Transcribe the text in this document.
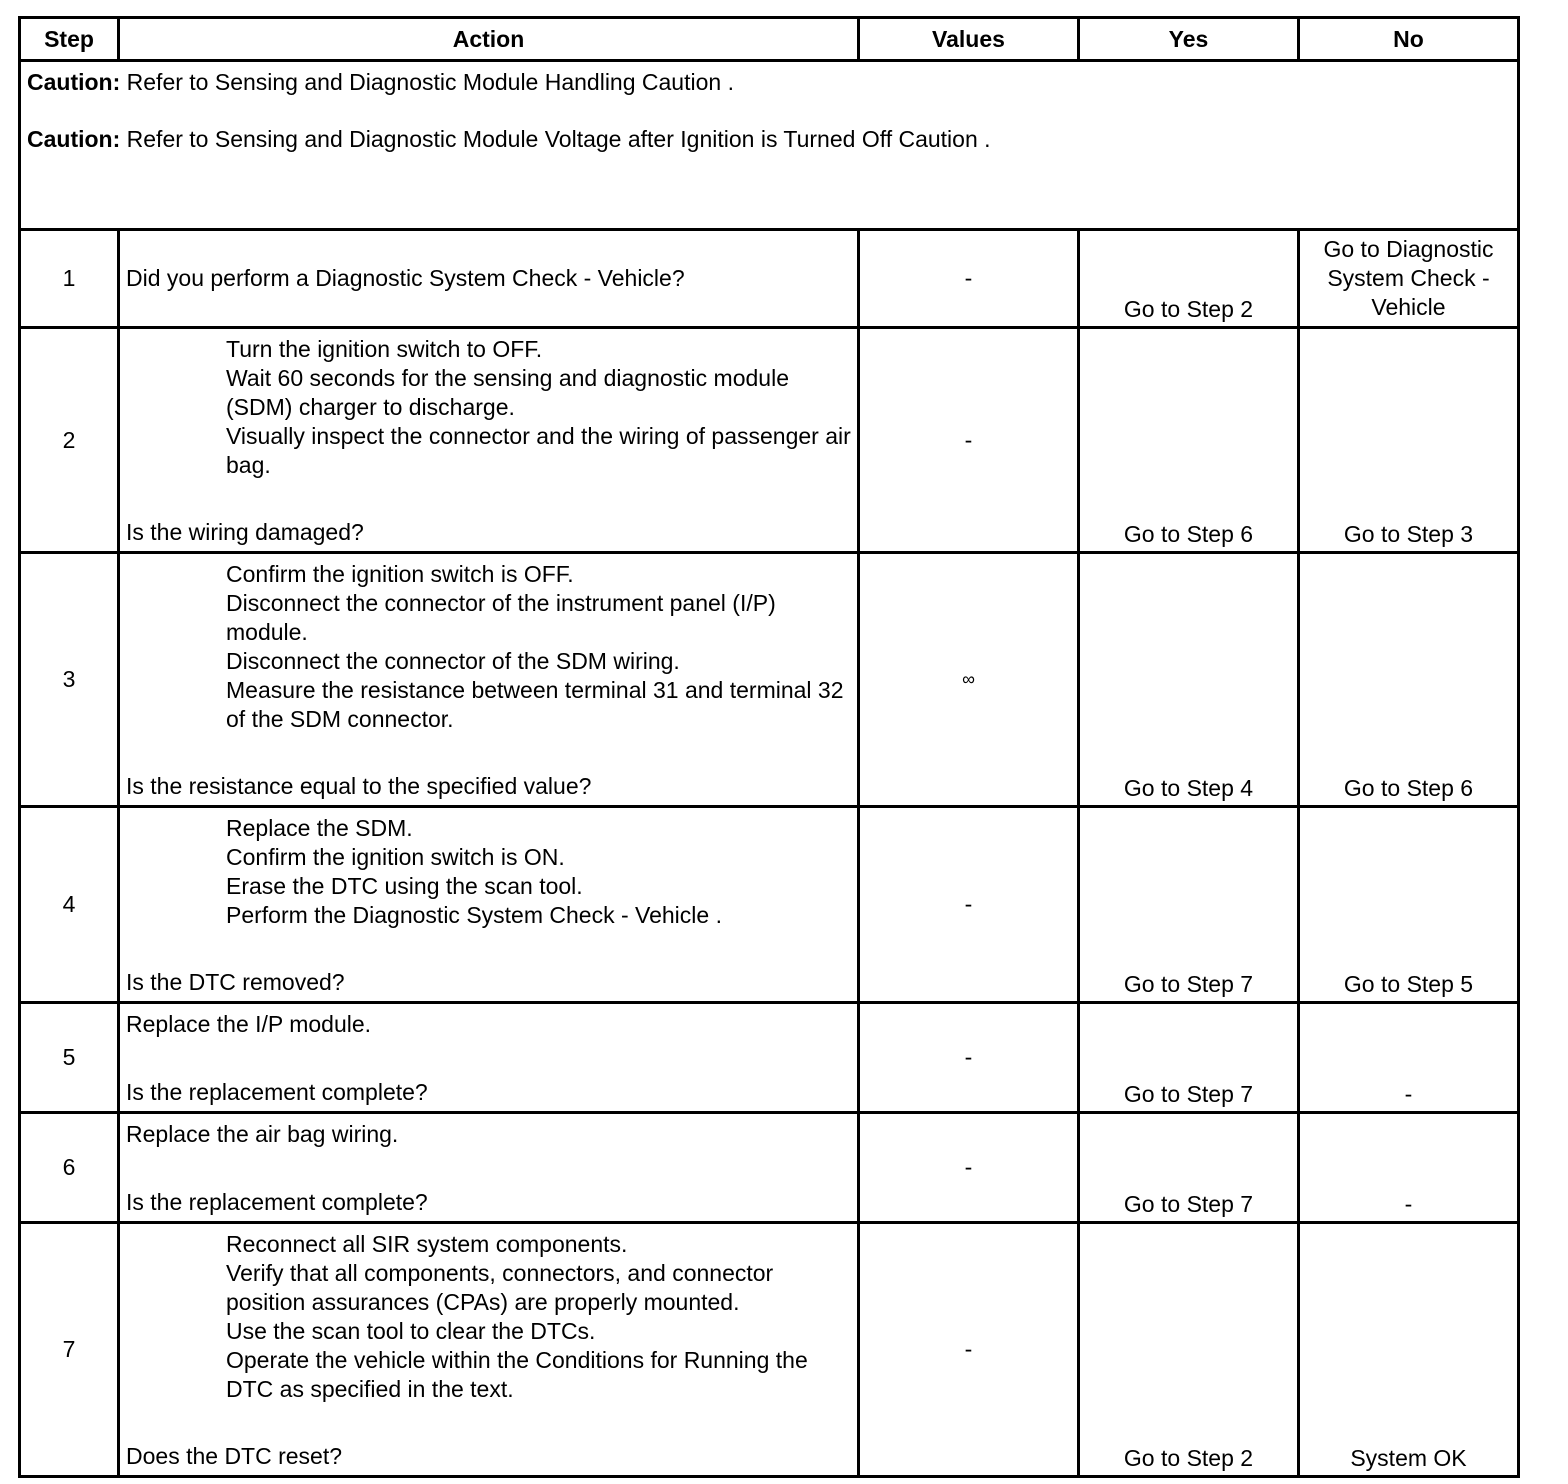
Step	Action	Values	Yes	No

Caution: Refer to Sensing and Diagnostic Module Handling Caution .
Caution: Refer to Sensing and Diagnostic Module Voltage after Ignition is Turned Off Caution .				

1	Did you perform a Diagnostic System Check - Vehicle?	-	Go to Step 2	Go to Diagnostic System Check - Vehicle
2	Turn the ignition switch to OFF.
Wait 60 seconds for the sensing and diagnostic module (SDM) charger to discharge.
Visually inspect the connector and the wiring of passenger air bag.
Is the wiring damaged?	-	Go to Step 6	Go to Step 3
3	Confirm the ignition switch is OFF.
Disconnect the connector of the instrument panel (I/P) module.
Disconnect the connector of the SDM wiring.
Measure the resistance between terminal 31 and terminal 32 of the SDM connector.
Is the resistance equal to the specified value?	∞	Go to Step 4	Go to Step 6
4	Replace the SDM.
Confirm the ignition switch is ON.
Erase the DTC using the scan tool.
Perform the Diagnostic System Check - Vehicle .
Is the DTC removed?	-	Go to Step 7	Go to Step 5
5	Replace the I/P module.
Is the replacement complete?	-	Go to Step 7	-
6	Replace the air bag wiring.
Is the replacement complete?	-	Go to Step 7	-
7	Reconnect all SIR system components.
Verify that all components, connectors, and connector position assurances (CPAs) are properly mounted.
Use the scan tool to clear the DTCs.
Operate the vehicle within the Conditions for Running the DTC as specified in the text.
Does the DTC reset?	-	Go to Step 2	System OK
